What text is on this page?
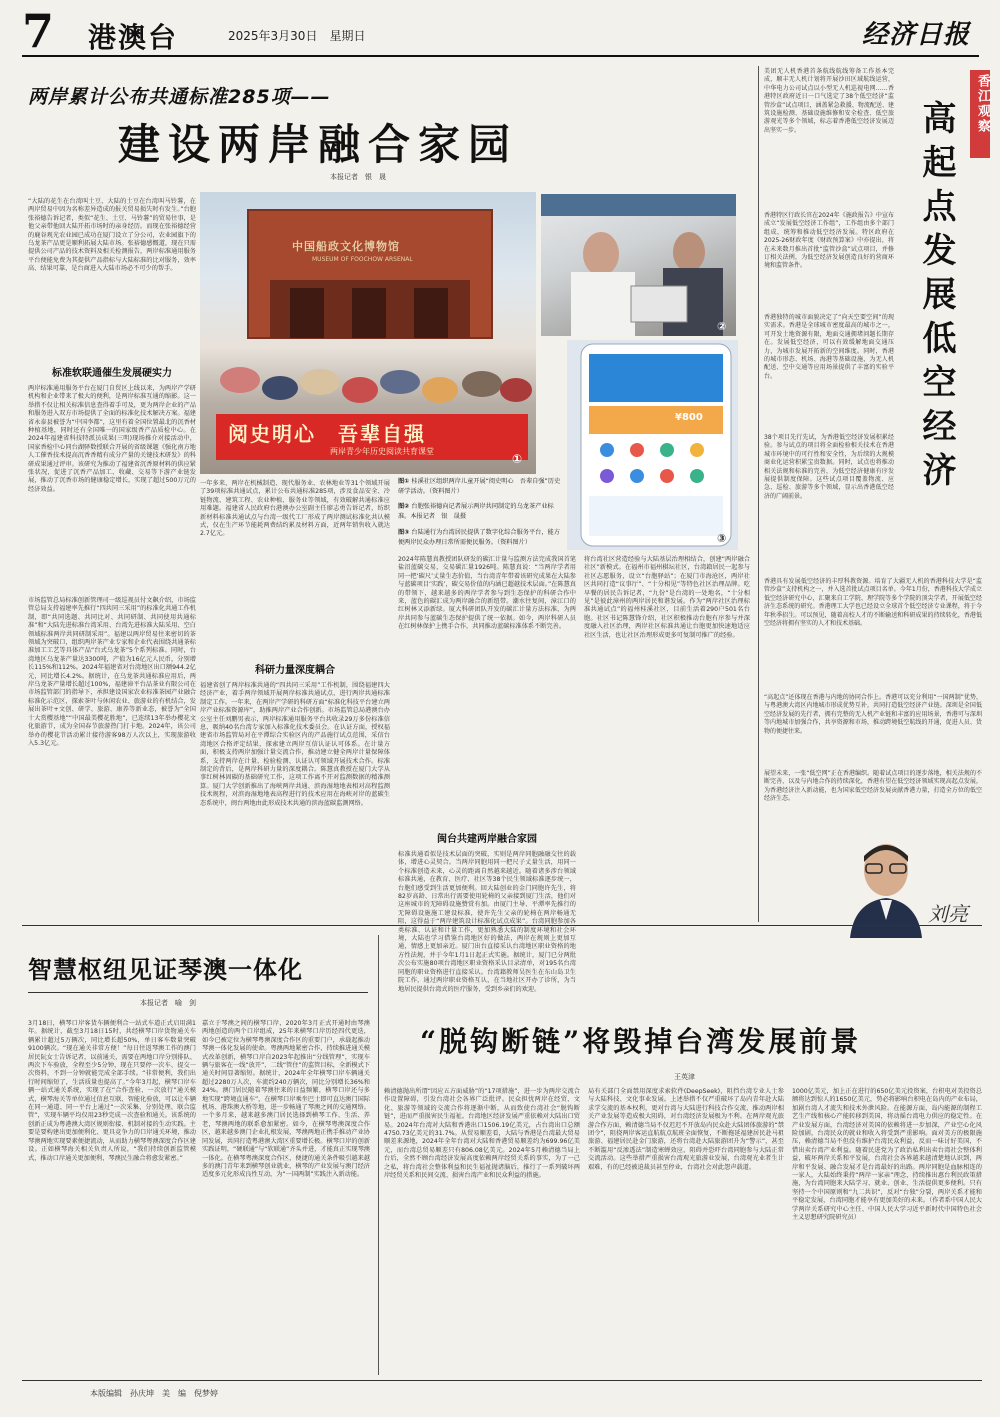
7 港澳台	2025年3月30日　星期日	经济日报
两岸累计公布共通标准285项——
建设两岸融合家园
本报记者　银　晟
“大陆的花生在台湾叫土豆，大陆的土豆在台湾叫马铃薯，在两岸贸易中因为名称差异造成的报关贸易损失时有发生。”台胞张裕德告诉记者，类似“花生、土豆、马铃薯”的贸易往事，是他父亲带他回大陆开拓市场时的亲身经历。而现在张裕德经营的鹿谷观光农业园已成功在厦门设立了分公司，农业园旗下的乌龙茶产品更是顺利拓展大陆市场。张裕德感慨道，现在只需提供公司产品的技术资料及相关检测报告，两岸标准通用服务平台便能免费为其提供产品指标与大陆标准的比对服务，效率高、结果可靠，是台商进入大陆市场必不可少的帮手。
标准软联通催生发展硬实力
两岸标准通用服务平台在厦门自贸区上线以来，为两岸产学研机构和企业带来了极大的便利，是两岸标准互通的缩影。这一举措不仅让相关标准信息查得着手可及，更为两岸企业的产品和服务进入双方市场提供了全面的标准化技术解决方案。福建省永泰县被誉为“中国李都”，这里有着全国位置最北的沉香材种植基地，同时还有全国唯一的国家级香产品质检中心。在2024年福建省科技特派员成果(三明)现场推介对接活动中，国家香检中心同台湖驿数授联合开展的省级课题《强化南方地人工催香技术提高沉香香精有成分产量的关键技术研发》的科研成果通过评审。该研究为推动了福建省沉香原材料的供应紧张状况，促进了沉香产品加工、收藏、交易等下游产业链发展，推动了沉香市场的健康稳定增长，实现了超过500万元的经济效益。
市场监管总局标准创新管理司一级巡视员付文飙介绍，市场监管总局支持福建率先推行“四共同三采用”的标准化共通工作机制，即“共同选题、共同比对、共同研制、共同使用共通标准”和“大陆先进标准台湾采用、台湾先进标准大陆采用、空白领域标准两岸共同研制采用”。福建以两岸贸易往来密切的茶领域为突破口，组织两岸茶产业专家和企业代表围绕共通茶标准加工工艺等具体产品“台式乌龙茶”5个系列标准。同时，台湾地区乌龙茶产量达3300吨，产值为16亿元人民币，分别增长115%和112%。2024年福建省对台湾地区出口额944.2亿元，同比增长4.2%。据统计，在乌龙茶共通标准应用后，两岸乌龙茶产量增长超过100%，福建漳平台品茶业有限公司在市场监管部门的指导下，承担建设国家农业标准茶园产业融合标准化示范区，探索茶叶与休闲农业、旅游业的有机结合，发展出茶叶+文创、研学、旅游、康养等新业态，被誉为“全国十大赏樱基地”“中国最美樱花胜地”，已连续13年举办樱花文化旅游节，成为全国春节旅游热门打卡地。2024年，该公司举办的樱花节活动累计接待游客98万人次以上，实现旅游收入5.3亿元。
中国船政文化博物馆
MUSEUM OF FOOCHOW ARSENAL
阅史明心　吾辈自强
两岸青少年历史阅读共育课堂
①
②
¥800
③
图① 桂溪社区组织两岸儿童开展“阅史明心　吾辈自强”历史研学活动。（资料图片）
图② 台胞张裕德向记者展示两岸共同制定的乌龙茶产业标准。本报记者　银　晟摄
图③ 台陆通行为台湾居民提供了数字化综合服务平台，能方便两岸民众办理日常所需便民服务。（资料图片）
一年多来，两岸在机械制造、现代服务业、农林地业等31个领域开展了39项标准共通试点，累计公布共通标准285项，涉及食品安全、冷链物流、建筑工程、农业种植、服务业等领域，有效破解共通标准应用难题。福建省人民政府台港澳办公室副主任廖志勇告诉记者，纺织新材料标准共通试点与台湾一级代工厂形成了两岸测试标准化共认模式，仅在生产环节能耗两费结约累及材料方面，近两年销售收入就达2.7亿元。
科研力量深度耦合
福建省创了两岸标准共通的“四共同三采用”工作机制，围绕福建四大经济产业，着手两岸领域开展两岸标准共通试点，进行两岸共通标准制定工作。一年来，在两岸产学研的科研方面“标准化科技平台建立两岸产业标准资源库”，助推两岸产业合作创新。市场监管总局港澳台办公室主任刘鹏男表示，两岸标准通用服务平台共收录29万多份标准信息，吸纳40名台湾专家加入标准化技术委员会。在认证方面，授权福建省市场监管局对在平潭综合实验区内的产品施行试点范围，采信台湾地区合格评定结果，探索建立两岸互信认证认可体系。在计量方面，积极支持两岸加强计量交流合作，推动建立健全两岸计量保障体系，支持两岸在计量、检验检测、认证认可领域开展技术合作。标准制定的背后，是两岸科研力量的深度耦合。陈慧真教授在厦门大学从事红树林固碳的基础研究工作，这项工作离不开对监测数据的精准测算。厦门大学创新推出了海峡两岸共通、滨海湿地地表相对高程监测技术规程，对滨海湿地地表高程进行的技术应用在海峡对岸的蓝碳生态系统中，闽台两地由此形成技术共通的滨海蓝碳监测网络。
2024年陈慧真教授团队研发的碳汇计量与监测方法完成我国首笔盐沼蓝碳交易，交易碳汇量1926吨。陈慧真说：“当两岸学者用同一把‘碳尺’丈量生态价值，当台湾青年带着该研究成果在大陆参与蓝碳项目‘实践’，碳交易价值的内涵已超越技术层面。”在陈慧真的带领下，越来越多的两岸学者参与到生态保护的科研合作中来，蓝色的碳汇成为两岸融合的新纽带。潮水往复间，漳江口的红树林又添新绿。厦大科研团队开发的碳汇计量方法标准，为两岸共同参与蓝碳生态保护提供了统一依据。如今，两岸科研人员在红树林保护上携手合作，共同推动蓝碳标准体系不断完善。
闽台共建两岸融合家园
标准共通看似是技术层面的突破，实则是两岸同胞融融交往的载体，增进心灵契合。当两岸同胞用同一把尺子丈量生活，用同一个标准创造未来，心灵的距离自然越来越近。随着诸多涉台领域标准共通，在教育、医疗、社区等38个民生领域标准逐步统一，台胞们感受到生活更加便利。回大陆创业的金门同胞许先生，将82岁高龄、日常出行需要使用轮椅的父亲接到厦门生活，他们对这座城市的无障碍设施赞赏有加。由厦门主导、平潭率先推行的无障碍设施施工建设标准，使许先生父亲的轮椅在两岸畅通无阻，这得益于“两岸建筑设计标准化试点成果”。台湾同胞参加各类标准、认证和计量工作，更加熟悉大陆的制度环境和社会环境，大陆也学习借鉴台湾地区好的做法，两岸在规则上更加互通，情感上更加亲近。厦门出台直接采认台湾地区职业资格的地方性法规，并于今年1月1日起正式实施。据统计，厦门已分两批次公布实施80项台湾地区职业资格采认目录清单，对195名台湾同胞的职业资格进行直接采认。台湾籍教师吴医生在东山岛卫生院工作，通过两岸职业资格互认，在当地社区开办了诊所，为当地居民提供台湾式的医疗服务，受到乡亲们的欢迎。
将台湾社区营造经验与大陆基层治理相结合，创建“两岸融合社区”新模式。在福州市福州棋坛社区，台湾籍居民一起参与社区志愿服务，设立“台胞驿站”；在厦门市海沧区，两岸社区共同打造“议事厅”、“十分相见”等特色社区治理品牌。吃早餐的居民告诉记者，“九份”是台湾的一处地名，“十分相见”是彼此漳州的两岸居民和谐发展。作为“两岸社区治理标准共通试点”的福州桂溪社区，目前生活着290户501名台胞。社区书记陈慧锋介绍，社区积极推动台胞有序参与并深度融入社区治理，两岸社区标准共通让台胞更加快速地适应社区生活，也让社区治理形成更多可复制可推广的经验。
美团无人机香港首条航线航线筹备工作基本完成，顺丰无人机计划将开展沙田区域航线运营，中华电力公司试点以小型无人机巡视电网……香港特区政府近日一口气选定了38个低空经济“监管沙盒”试点项目，涵盖紧急救援、物流配送、建筑设施检测、基础设施维修和安全检查、低空旅游观光等多个领域，标志着香港低空经济发展迈出坚实一步。
香港特区行政长官在2024年《施政报告》中宣布成立“发展低空经济工作组”，工作组由多个部门组成，统筹和推动低空经济发展。特区政府在2025-26财政年度《财政预算案》中亦提出，将在未来数月推出首批“监管沙盒”试点项目，并修订相关法例，为低空经济发展创造良好的营商环境和监管条件。
香港独特的城市面貌决定了“向天空要空间”的现实需求。香港是全球城市密度最高的城市之一，可开发土地资源有限，地面交通拥堵问题长期存在。发展低空经济，可以有效缓解地面交通压力，为城市发展开拓新的空间维度。同时，香港的城市形态、机场、海港等基础设施，为无人机配送、空中交通等应用场景提供了丰富的实验平台。
38个项目先行先试，为香港低空经济发展积累经验。参与试点的项目将全面检验相关技术在香港城市环境中的可行性和安全性，为后续的大规模商业化运营积累宝贵数据。同时，试点也将推动相关法规和标准的完善，为低空经济健康有序发展提供制度保障。这些试点项目覆盖物流、应急、巡检、旅游等多个领域，显示出香港低空经济的广阔前景。
香江观察
高起点发展低空经济
香港具有发展低空经济的丰厚科教资源。培育了大疆无人机的香港科技大学是“监管沙盒”支持机构之一，并入选首批试点项目名单。今年1月份，香港科技大学成立低空经济研究中心，汇聚来自工学院、理学院等多个学院的顶尖学者，开展低空经济生态系统的研究。香港理工大学也已经设立全球首个低空经济专业课程，将于今年秋季招生。可以预见，随着高校人才的不断输送和科研成果的持续转化，香港低空经济将拥有坚实的人才和技术基础。
“高起点”还体现在香港与内地的协同合作上。香港可以充分利用“一国两制”优势，与粤港澳大湾区内地城市形成优势互补，共同打造低空经济产业链。深圳是全国低空经济发展的先行者，拥有完整的无人机产业链和丰富的应用场景，香港可与深圳等内地城市加强合作，共享资源和市场，推动跨境低空航线的开通，促进人员、货物的便捷往来。
展望未来，一张“低空网”正在香港编织。随着试点项目的逐步落地，相关法规的不断完善，以及与内地合作的持续深化，香港有望在低空经济领域实现高起点发展，为香港经济注入新动能，也为国家低空经济发展贡献香港力量，打造全方位的低空经济生态。
刘亮
智慧枢纽见证琴澳一体化
本报记者　喻　剑
3月18日，横琴口岸客货车辆便利合一站式车道正式启用满1年。据统计，截至3月18日15时，共经横琴口岸货物通关车辆累计超过5万辆次，同比增长超50%，单日客车数量突破9100辆次。“现在通关非常方便！”每日往返琴澳工作的澳门居民阮女士告诉记者，以前通关，需要在两地口岸分别排队、两次下车验放，全程至少5分钟，现在只要停一次车、提交一次资料，不到一分钟就能完成全部手续。“非常便利，我们出行时间缩短了，生活质量也提高了。”今年3月起，横琴口岸车辆一站式通关系统，实现了在“合作查验、一次放行”通关模式，横琴海关等单位通过信息互联、智能化验放，可以让车辆在同一通道、同一平台上通过“一次采集、分别处理、联合监管”，实现车辆平均仅用23秒完成一次查验和通关。该系统的创新正成为粤港澳大湾区规则衔接、机制对接的生动实践。主要是要构建出更加便利化、更具竞争力的口岸通关环境，推动琴澳两地实现要素便捷流动，从而助力横琴粤澳深度合作区建设。正如横琴海关相关负责人所说，“我们持续创新监管模式，推动口岸通关更加便利，琴澳民生融合将愈发紧密。”
嘉立于琴澳之间的横琴口岸，2020年3月正式开通时由琴澳两地创造的两个口岸组成，25年来横琴口岸历经四代更迭，如今已被定位为横琴粤澳深度合作区的重要门户，承载起推动琴澳一体化发展的使命。粤澳两地紧密合作，持续推进通关模式改革创新，横琴口岸自2023年起推出“分线管理”，实现车辆与旅客在一线“放开”、二线“管住”的监管目标，全新模式下通关时间显著缩短。据统计，2024年全年横琴口岸车辆通关超过2280万人次，车流约240万辆次，同比分别增长36%和24%。澳门居民随着琴澳往来的日益频繁，横琴口岸还与多地实现“跨境直通车”，在横琴口岸乘坐巴士即可直达澳门国际机场、港珠澳大桥等地，进一步畅通了琴澳之间的交通网络。一个多月来，越来越多澳门居民选择到横琴工作、生活、养老，琴澳两地的联系愈加紧密。如今，在横琴粤澳深度合作区，越来越多澳门企业扎根发展，琴澳两地正携手推动产业协同发展，共同打造粤港澳大湾区重要增长极。横琴口岸的创新实践证明，“硬联通”与“软联通”齐头并进，才能真正实现琴澳一体化。在横琴粤澳深度合作区，便捷的通关条件吸引越来越多的澳门青年来到横琴创业就业，横琴的产业发展与澳门经济适度多元化形成良性互动，为“一国两制”实践注入新动能。
“脱钩断链”将毁掉台湾发展前景
王英津
赖清德抛出所谓“因应五方面威胁”的“17项措施”，进一步为两岸交流合作设置障碍，引发台湾社会各界广泛批评。民众担忧两岸在经贸、文化、旅游等领域的交流合作将逐渐中断，从而致使台湾社会“脱钩断链”，进而严重损害民生福祉。台湾地区经济发展严重依赖对大陆出口贸易。2024年台湾对大陆和香港出口1506.19亿美元，占台湾出口总额4750.73亿美元的31.7%。从贸易顺差看，大陆与香港是台湾最大贸易顺差来源地，2024年全年台湾对大陆和香港贸易顺差约为699.96亿美元，而台湾总贸易顺差只有806.08亿美元。2024年5月赖清德当局上台后，全然不顾台湾经济发展高度依赖两岸经贸关系的事实，为了一己之私，将台湾社会整体利益和民生福祉抛诸脑后，推行了一系列破坏两岸经贸关系和民间交流、损害台湾产业和民众利益的措施。
局有关部门全面禁用深度求索软件(DeepSeek)，阻挡台湾专业人士参与大陆科技、文化事业发展。上述举措不仅严重破坏了岛内青年赴大陆求学交流的基本权利，更对台湾与大陆进行科技合作交流、推动两岸相关产业发展等造成极大阻碍，对台湾经济发展极为不利。在两岸观光旅游合作方面，赖清德当局不仅迟迟不开放岛内民众赴大陆团体旅游的“禁团令”，阻挠两岸客运直航航点航班全面恢复，不断拖延福建居民赴马祖旅游、福建居民赴金门旅游，还将台湾赴大陆旅游团升为“警示”，甚至不断滥用“反渗透法”制造寒蝉效应，阻碍并恐吓台湾同胞参与大陆正常交流活动。这些举措严重损害台湾观光旅游业发展，台湾观光业者生计艰难，有的已经被迫裁员甚至停业，台湾社会对此怨声载道。
1000亿美元，加上正在进行的650亿美元投资案，台积电对美投资总额将达到惊人的1650亿美元，势必将影响台积电在岛内的产业布局，加剧台湾人才流失和技术外泄风险。在能源方面，岛内能源的制程工艺生产线和核心产能转移到美国，将动摇台湾电力供应的稳定性。在产业发展方面，台湾经济对美国的依赖将进一步加深，产业空心化风险加剧，台湾民众的就业和收入将受到严重影响。面对美方的极限施压，赖清德当局不但没有维护台湾民众利益，反而一味讨好美国，不惜出卖台湾产业利益。随着民进党为了政治私利出卖台湾社会整体利益，破坏两岸关系和平发展，台湾社会各界越来越清楚地认识到，两岸和平发展、融合发展才是台湾最好的出路。两岸同胞是血脉相连的一家人，大陆始终秉持“两岸一家亲”理念，持续推出惠台利民政策措施，为台湾同胞来大陆学习、就业、创业、生活提供更多便利。只有坚持一个中国原则和“九二共识”，反对“台独”分裂，两岸关系才能和平稳定发展，台湾同胞才能享有更加美好的未来。（作者系中国人民大学两岸关系研究中心主任、中国人民大学习近平新时代中国特色社会主义思想研究院研究员）
本版编辑　孙庆坤　美　编　倪梦婷
